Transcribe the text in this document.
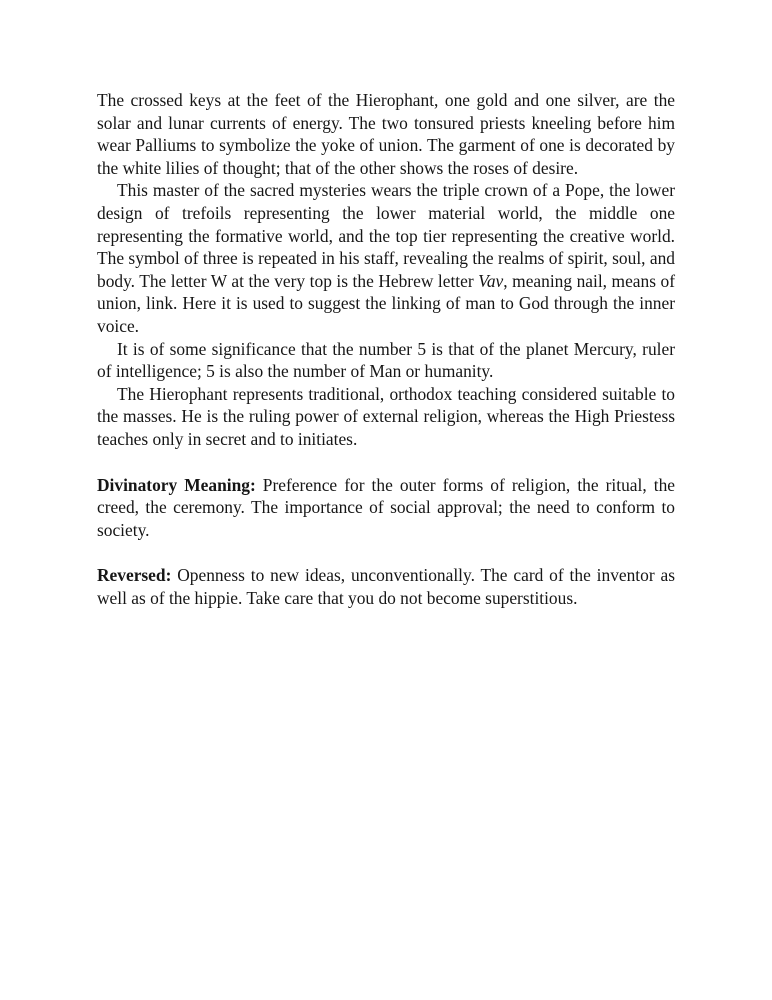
The crossed keys at the feet of the Hierophant, one gold and one silver, are the solar and lunar currents of energy. The two tonsured priests kneeling before him wear Palliums to symbolize the yoke of union. The garment of one is decorated by the white lilies of thought; that of the other shows the roses of desire.

This master of the sacred mysteries wears the triple crown of a Pope, the lower design of trefoils representing the lower material world, the middle one representing the formative world, and the top tier representing the creative world. The symbol of three is repeated in his staff, revealing the realms of spirit, soul, and body. The letter W at the very top is the Hebrew letter Vav, meaning nail, means of union, link. Here it is used to suggest the linking of man to God through the inner voice.

It is of some significance that the number 5 is that of the planet Mercury, ruler of intelligence; 5 is also the number of Man or humanity.

The Hierophant represents traditional, orthodox teaching considered suitable to the masses. He is the ruling power of external religion, whereas the High Priestess teaches only in secret and to initiates.

Divinatory Meaning: Preference for the outer forms of religion, the ritual, the creed, the ceremony. The importance of social approval; the need to conform to society.

Reversed: Openness to new ideas, unconventionally. The card of the inventor as well as of the hippie. Take care that you do not become superstitious.
